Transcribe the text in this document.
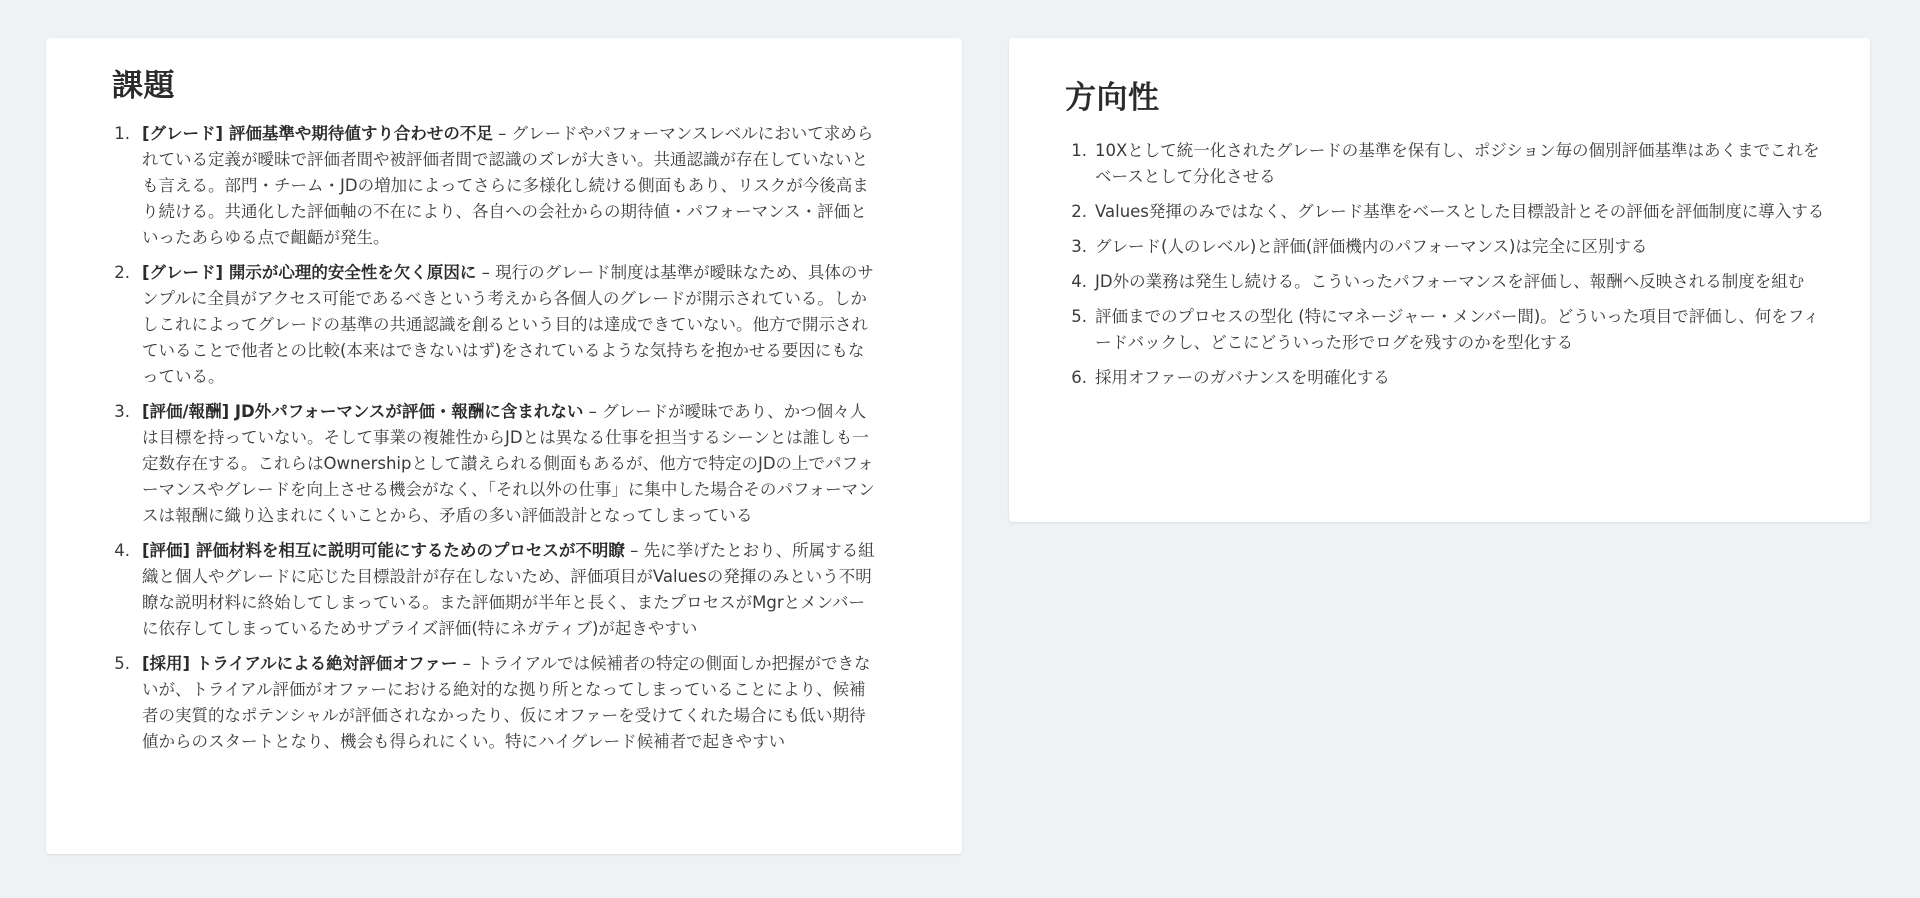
課題
1. [グレード] 評価基準や期待値すり合わせの不足 – グレードやパフォーマンスレベルにおいて求められている定義が曖昧で評価者間や被評価者間で認識のズレが大きい。共通認識が存在していないとも言える。部門・チーム・JDの増加によってさらに多様化し続ける側面もあり、リスクが今後高まり続ける。共通化した評価軸の不在により、各自への会社からの期待値・パフォーマンス・評価といったあらゆる点で齟齬が発生。
2. [グレード] 開示が心理的安全性を欠く原因に – 現行のグレード制度は基準が曖昧なため、具体のサンプルに全員がアクセス可能であるべきという考えから各個人のグレードが開示されている。しかしこれによってグレードの基準の共通認識を創るという目的は達成できていない。他方で開示されていることで他者との比較(本来はできないはず)をされているような気持ちを抱かせる要因にもなっている。
3. [評価/報酬] JD外パフォーマンスが評価・報酬に含まれない – グレードが曖昧であり、かつ個々人は目標を持っていない。そして事業の複雑性からJDとは異なる仕事を担当するシーンとは誰しも一定数存在する。これらはOwnershipとして讃えられる側面もあるが、他方で特定のJDの上でパフォーマンスやグレードを向上させる機会がなく、「それ以外の仕事」に集中した場合そのパフォーマンスは報酬に織り込まれにくいことから、矛盾の多い評価設計となってしまっている
4. [評価] 評価材料を相互に説明可能にするためのプロセスが不明瞭 – 先に挙げたとおり、所属する組織と個人やグレードに応じた目標設計が存在しないため、評価項目がValuesの発揮のみという不明瞭な説明材料に終始してしまっている。また評価期が半年と長く、またプロセスがMgrとメンバーに依存してしまっているためサプライズ評価(特にネガティブ)が起きやすい
5. [採用] トライアルによる絶対評価オファー – トライアルでは候補者の特定の側面しか把握ができないが、トライアル評価がオファーにおける絶対的な拠り所となってしまっていることにより、候補者の実質的なポテンシャルが評価されなかったり、仮にオファーを受けてくれた場合にも低い期待値からのスタートとなり、機会も得られにくい。特にハイグレード候補者で起きやすい
方向性
1. 10Xとして統一化されたグレードの基準を保有し、ポジション毎の個別評価基準はあくまでこれをベースとして分化させる
2. Values発揮のみではなく、グレード基準をベースとした目標設計とその評価を評価制度に導入する
3. グレード(人のレベル)と評価(評価機内のパフォーマンス)は完全に区別する
4. JD外の業務は発生し続ける。こういったパフォーマンスを評価し、報酬へ反映される制度を組む
5. 評価までのプロセスの型化 (特にマネージャー・メンバー間)。どういった項目で評価し、何をフィードバックし、どこにどういった形でログを残すのかを型化する
6. 採用オファーのガバナンスを明確化する
